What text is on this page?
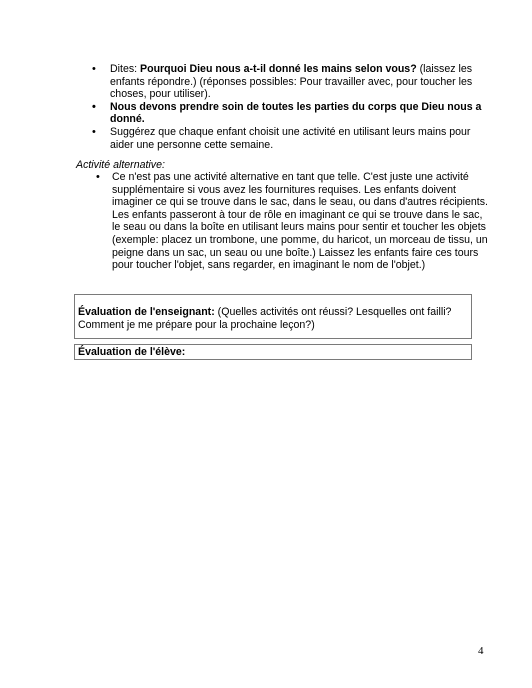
• Dites: Pourquoi Dieu nous a-t-il donné les mains selon vous? (laissez les enfants répondre.) (réponses possibles: Pour travailler avec, pour toucher les choses, pour utiliser).
• Nous devons prendre soin de toutes les parties du corps que Dieu nous a donné.
• Suggérez que chaque enfant choisit une activité en utilisant leurs mains pour aider une personne cette semaine.
Activité alternative:
• Ce n'est pas une activité alternative en tant que telle. C'est juste une activité supplémentaire si vous avez les fournitures requises. Les enfants doivent imaginer ce qui se trouve dans le sac, dans le seau, ou dans d'autres récipients. Les enfants passeront à tour de rôle en imaginant ce qui se trouve dans le sac, le seau ou dans la boîte en utilisant leurs mains pour sentir et toucher les objets (exemple: placez un trombone, une pomme, du haricot, un morceau de tissu, un peigne dans un sac, un seau ou une boîte.) Laissez les enfants faire ces tours pour toucher l'objet, sans regarder, en imaginant le nom de l'objet.)
Évaluation de l'enseignant: (Quelles activités ont réussi? Lesquelles ont failli? Comment je me prépare pour la prochaine leçon?)
Évaluation de l'élève:
4
